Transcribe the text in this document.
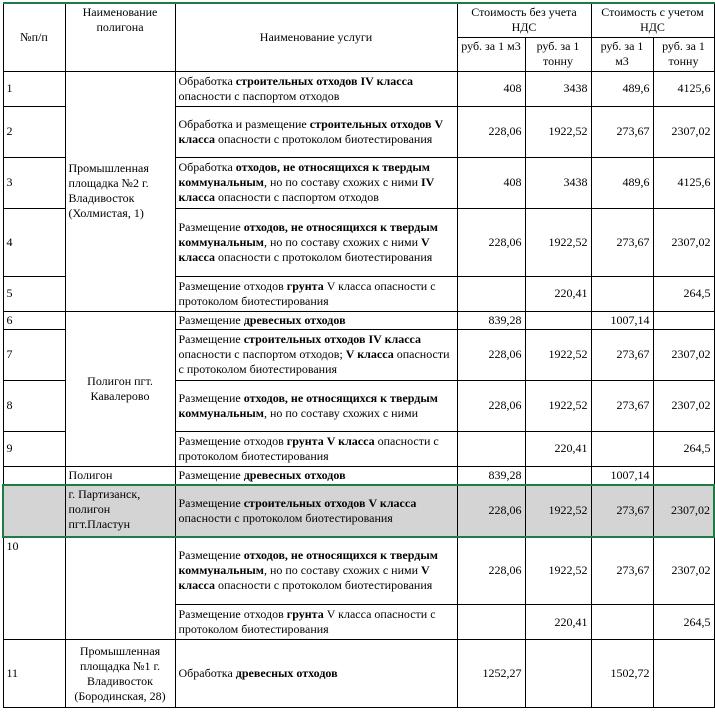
№п/п	Наименование полигона	Наименование услуги	Стоимость без учета НДС		Стоимость с учетом НДС	
			руб. за 1 м3	руб. за 1 тонну	руб. за 1 м3	руб. за 1 тонну
1	Промышленная площадка №2 г. Владивосток (Холмистая, 1)	Обработка строительных отходов IV класса опасности с паспортом отходов	408	3438	489,6	4125,6
2		Обработка и размещение строительных отходов V класса опасности с протоколом биотестирования	228,06	1922,52	273,67	2307,02
3		Обработка отходов, не относящихся к твердым коммунальным, но по составу схожих с ними IV класса опасности с паспортом отходов	408	3438	489,6	4125,6
4		Размещение отходов, не относящихся к твердым коммунальным, но по составу схожих с ними V класса опасности с протоколом биотестирования	228,06	1922,52	273,67	2307,02
5		Размещение отходов грунта V класса опасности с протоколом биотестирования		220,41		264,5
6	Полигон пгт. Кавалерово	Размещение древесных отходов	839,28		1007,14	
7		Размещение строительных отходов IV класса опасности с паспортом отходов; V класса опасности с протоколом биотестирования	228,06	1922,52	273,67	2307,02
8		Размещение отходов, не относящихся к твердым коммунальным, но по составу схожих с ними	228,06	1922,52	273,67	2307,02
9		Размещение отходов грунта V класса опасности с протоколом биотестирования		220,41		264,5
	Полигон	Размещение древесных отходов	839,28		1007,14	
	г. Партизанск, полигон пгт.Пластун	Размещение строительных отходов V класса опасности с протоколом биотестирования	228,06	1922,52	273,67	2307,02
10		Размещение отходов, не относящихся к твердым коммунальным, но по составу схожих с ними V класса опасности с протоколом биотестирования	228,06	1922,52	273,67	2307,02
		Размещение отходов грунта V класса опасности с протоколом биотестирования		220,41		264,5
11	Промышленная площадка №1 г. Владивосток (Бородинская, 28)	Обработка древесных отходов	1252,27		1502,72	
